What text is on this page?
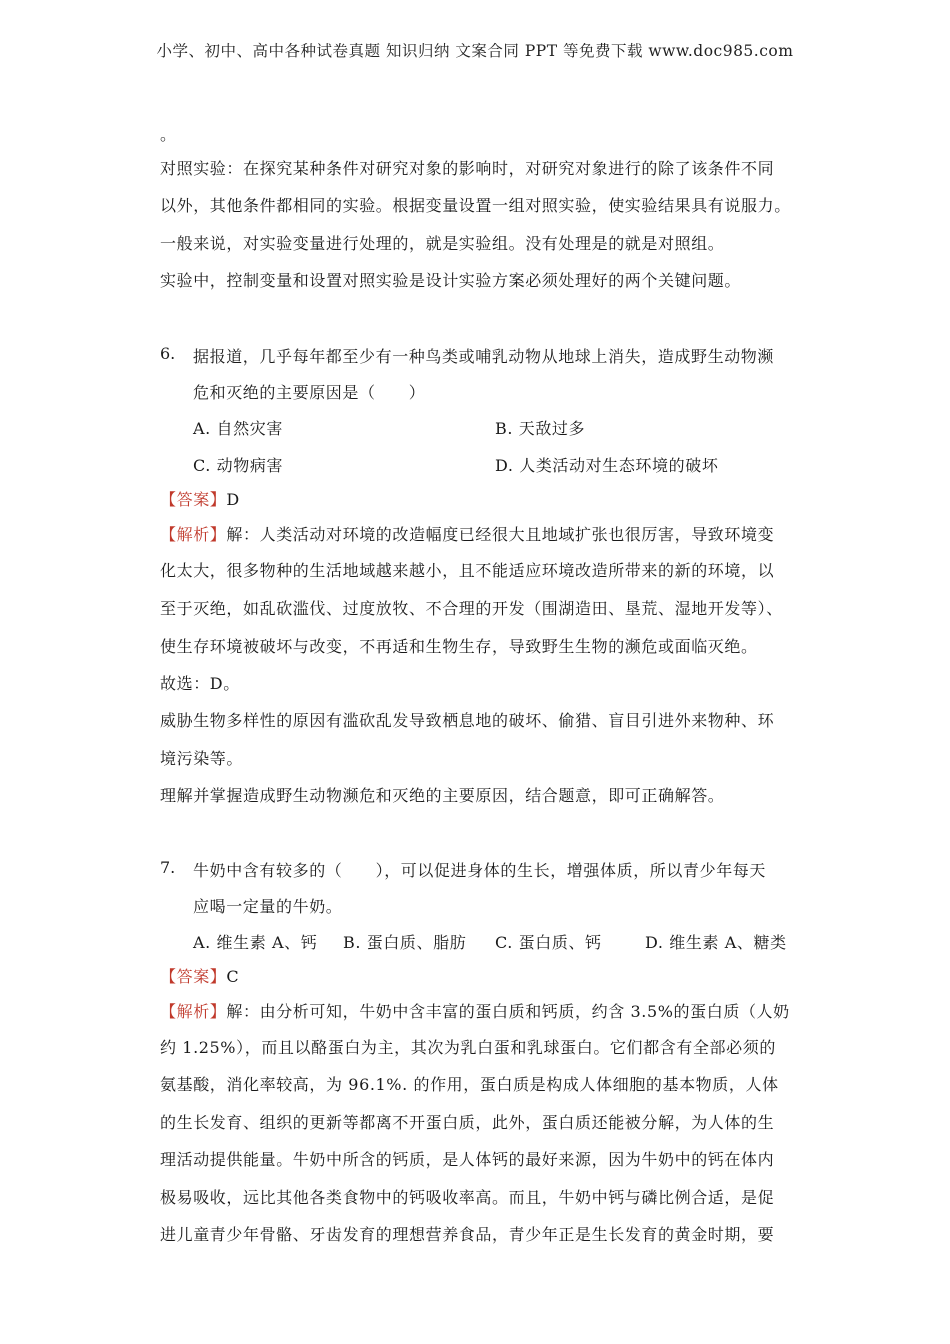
小学、初中、高中各种试卷真题 知识归纳 文案合同 PPT 等免费下载 www.doc985.com
。
对照实验：在探究某种条件对研究对象的影响时，对研究对象进行的除了该条件不同
以外，其他条件都相同的实验。根据变量设置一组对照实验，使实验结果具有说服力。
一般来说，对实验变量进行处理的，就是实验组。没有处理是的就是对照组。
实验中，控制变量和设置对照实验是设计实验方案必须处理好的两个关键问题。
6. 据报道，几乎每年都至少有一种鸟类或哺乳动物从地球上消失，造成野生动物濒
危和灭绝的主要原因是（　　）
A. 自然灾害	B. 天敌过多
C. 动物病害	D. 人类活动对生态环境的破坏
【答案】D
【解析】解：人类活动对环境的改造幅度已经很大且地域扩张也很厉害，导致环境变
化太大，很多物种的生活地域越来越小，且不能适应环境改造所带来的新的环境，以
至于灭绝，如乱砍滥伐、过度放牧、不合理的开发（围湖造田、垦荒、湿地开发等）、
使生存环境被破坏与改变，不再适和生物生存，导致野生生物的濒危或面临灭绝。
故选：D。
威胁生物多样性的原因有滥砍乱发导致栖息地的破坏、偷猎、盲目引进外来物种、环
境污染等。
理解并掌握造成野生动物濒危和灭绝的主要原因，结合题意，即可正确解答。
7. 牛奶中含有较多的（　　），可以促进身体的生长，增强体质，所以青少年每天
应喝一定量的牛奶。
A. 维生素 A、钙 B. 蛋白质、脂肪 C. 蛋白质、钙	D. 维生素 A、糖类
【答案】C
【解析】解：由分析可知，牛奶中含丰富的蛋白质和钙质，约含 3.5%的蛋白质（人奶
约 1.25%），而且以酪蛋白为主，其次为乳白蛋和乳球蛋白。它们都含有全部必须的
氨基酸，消化率较高，为 96.1%. 的作用，蛋白质是构成人体细胞的基本物质，人体
的生长发育、组织的更新等都离不开蛋白质，此外，蛋白质还能被分解，为人体的生
理活动提供能量。牛奶中所含的钙质，是人体钙的最好来源，因为牛奶中的钙在体内
极易吸收，远比其他各类食物中的钙吸收率高。而且，牛奶中钙与磷比例合适，是促
进儿童青少年骨骼、牙齿发育的理想营养食品，青少年正是生长发育的黄金时期，要
